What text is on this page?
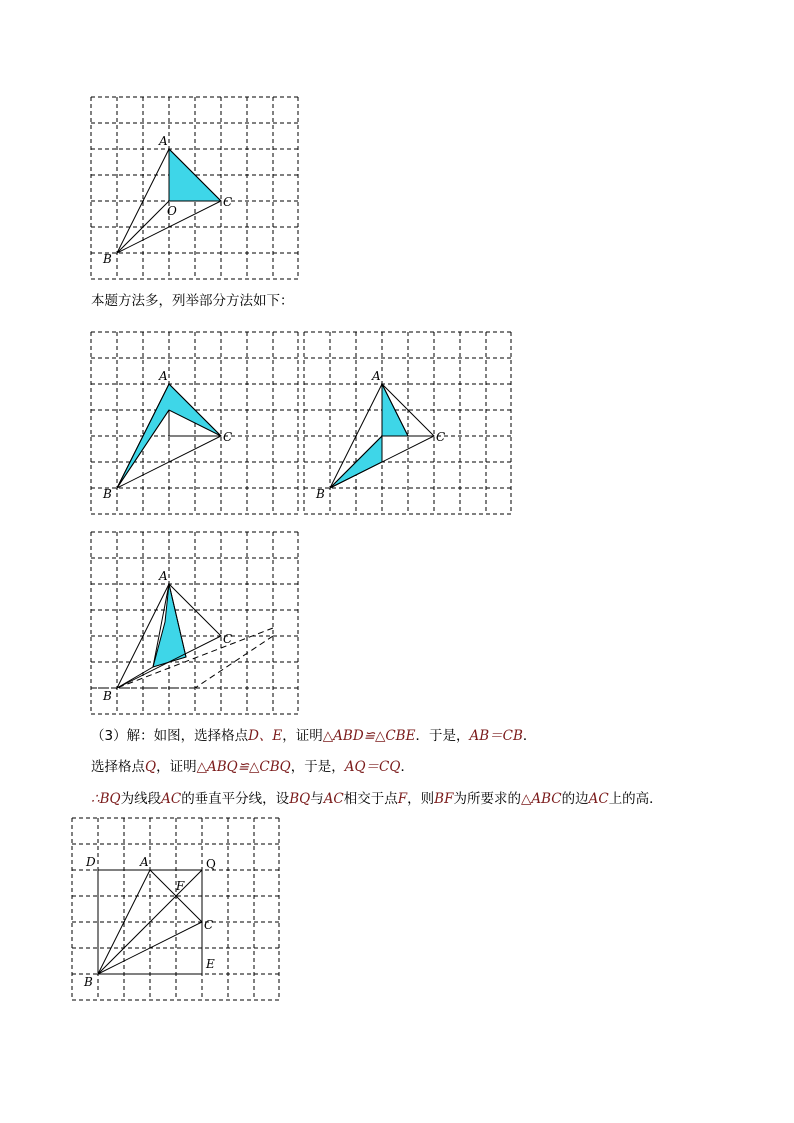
A
O
C
B
本题方法多，列举部分方法如下：
A
C
B
A
C
B
A
C
B
（3）解：如图，选择格点D、E，证明△ABD≌△CBE．于是，AB＝CB．
选择格点Q，证明△ABQ≌△CBQ，于是，AQ＝CQ．
∴BQ为线段AC的垂直平分线，设BQ与AC相交于点F，则BF为所要求的△ABC的边AC上的高．
D	A	Q
F
C
E
B
